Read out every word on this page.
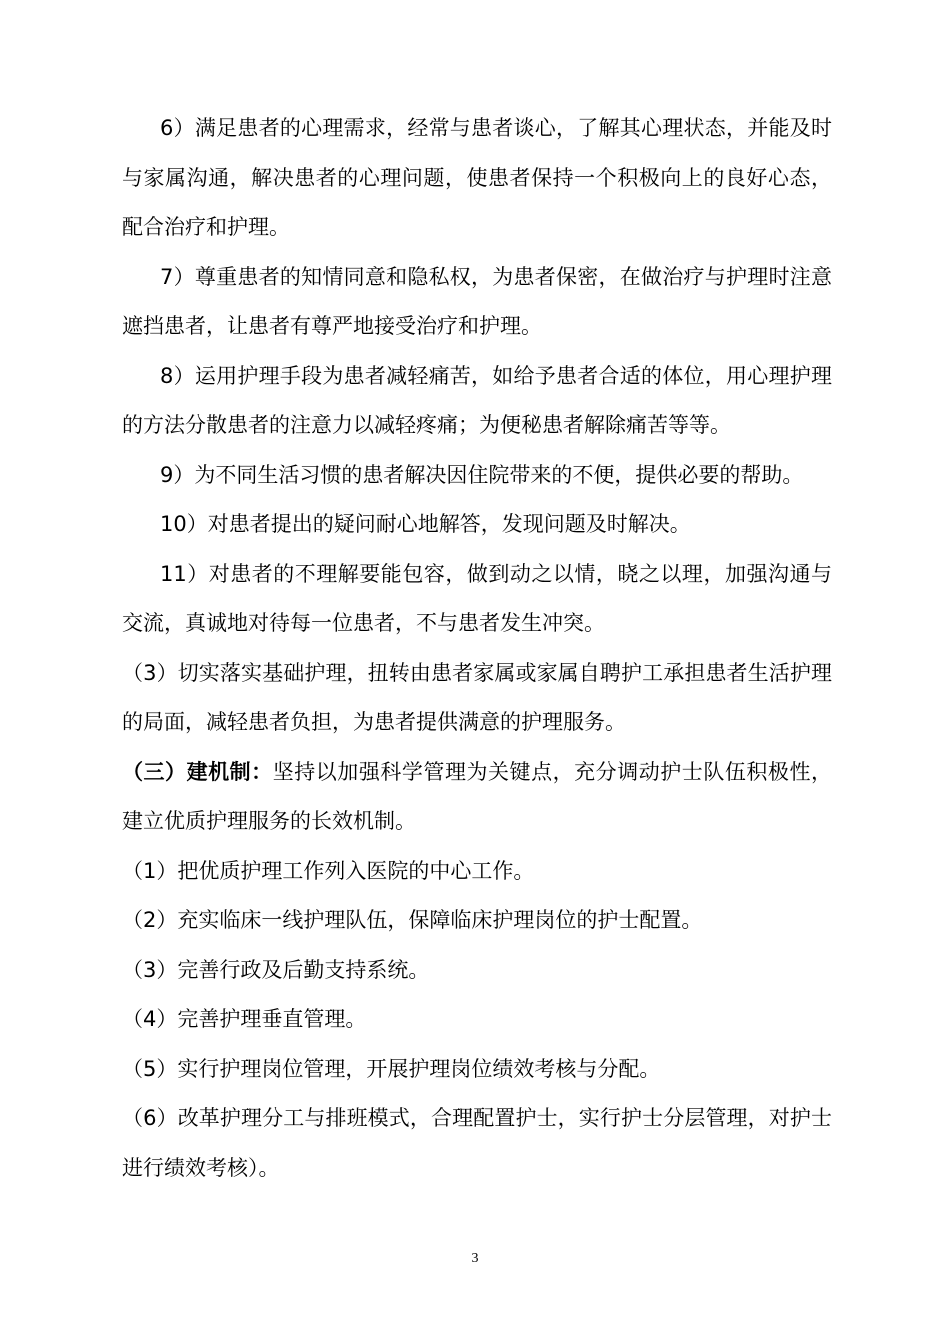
6）满足患者的心理需求，经常与患者谈心，了解其心理状态，并能及时与家属沟通，解决患者的心理问题，使患者保持一个积极向上的良好心态，配合治疗和护理。

7）尊重患者的知情同意和隐私权，为患者保密，在做治疗与护理时注意遮挡患者，让患者有尊严地接受治疗和护理。

8）运用护理手段为患者减轻痛苦，如给予患者合适的体位，用心理护理的方法分散患者的注意力以减轻疼痛；为便秘患者解除痛苦等等。

9）为不同生活习惯的患者解决因住院带来的不便，提供必要的帮助。

10）对患者提出的疑问耐心地解答，发现问题及时解决。

11）对患者的不理解要能包容，做到动之以情，晓之以理，加强沟通与交流，真诚地对待每一位患者，不与患者发生冲突。

（3）切实落实基础护理，扭转由患者家属或家属自聘护工承担患者生活护理的局面，减轻患者负担，为患者提供满意的护理服务。

（三）建机制：坚持以加强科学管理为关键点，充分调动护士队伍积极性，建立优质护理服务的长效机制。

（1）把优质护理工作列入医院的中心工作。

（2）充实临床一线护理队伍，保障临床护理岗位的护士配置。

（3）完善行政及后勤支持系统。

（4）完善护理垂直管理。

（5）实行护理岗位管理，开展护理岗位绩效考核与分配。

（6）改革护理分工与排班模式，合理配置护士，实行护士分层管理，对护士进行绩效考核）。

3
